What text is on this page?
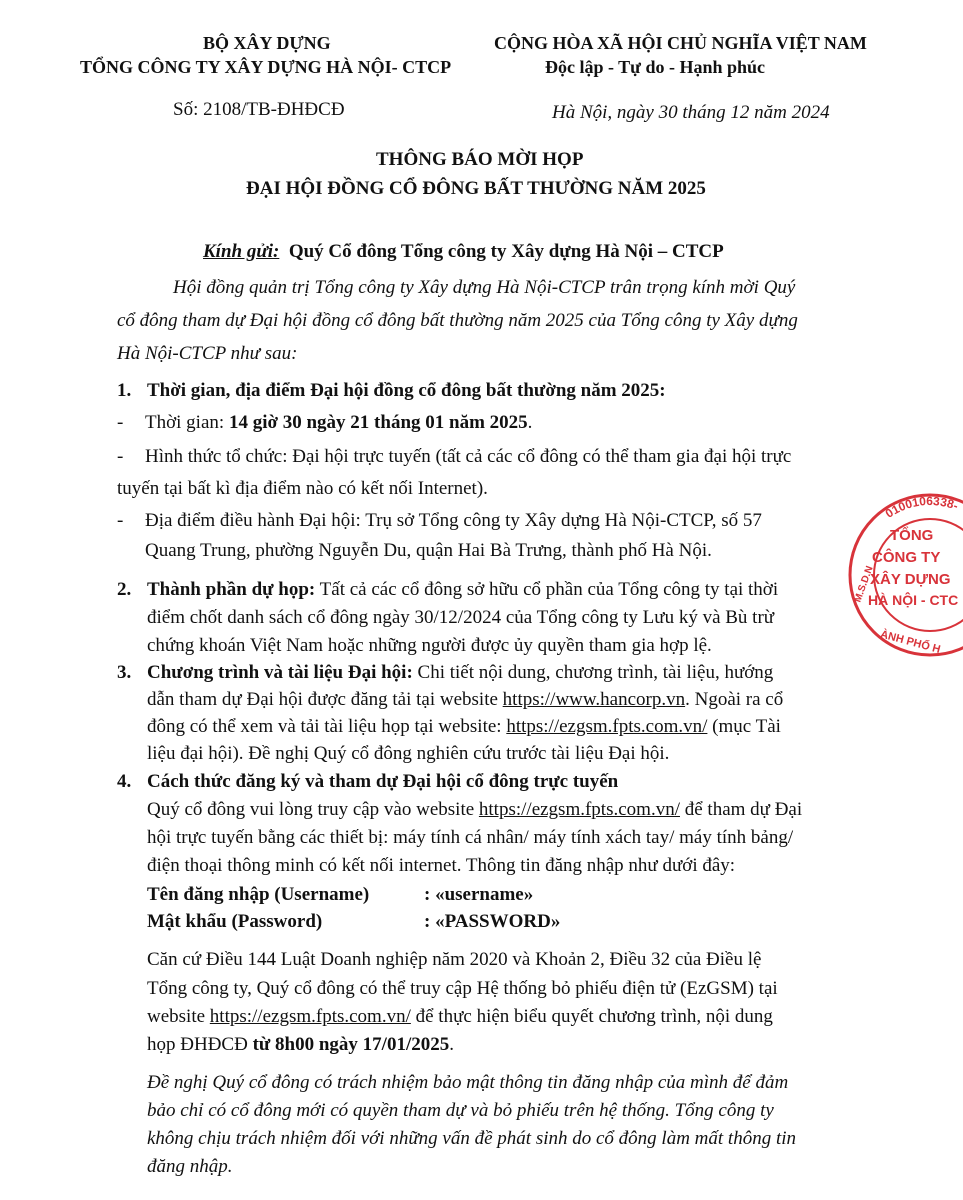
BỘ XÂY DỰNG
TỔNG CÔNG TY XÂY DỰNG HÀ NỘI- CTCP
Số: 2108/TB-ĐHĐCĐ
CỘNG HÒA XÃ HỘI CHỦ NGHĨA VIỆT NAM
Độc lập - Tự do - Hạnh phúc
Hà Nội, ngày 30 tháng 12 năm 2024
THÔNG BÁO MỜI HỌP
ĐẠI HỘI ĐỒNG CỔ ĐÔNG BẤT THƯỜNG NĂM 2025
Kính gửi: Quý Cổ đông Tổng công ty Xây dựng Hà Nội – CTCP
Hội đồng quản trị Tổng công ty Xây dựng Hà Nội-CTCP trân trọng kính mời Quý
cổ đông tham dự Đại hội đồng cổ đông bất thường năm 2025 của Tổng công ty Xây dựng
Hà Nội-CTCP như sau:
1. Thời gian, địa điểm Đại hội đồng cổ đông bất thường năm 2025:
- Thời gian: 14 giờ 30 ngày 21 tháng 01 năm 2025.
- Hình thức tổ chức: Đại hội trực tuyến (tất cả các cổ đông có thể tham gia đại hội trực
tuyến tại bất kì địa điểm nào có kết nối Internet).
- Địa điểm điều hành Đại hội: Trụ sở Tổng công ty Xây dựng Hà Nội-CTCP, số 57
Quang Trung, phường Nguyễn Du, quận Hai Bà Trưng, thành phố Hà Nội.
2. Thành phần dự họp: Tất cả các cổ đông sở hữu cổ phần của Tổng công ty tại thời
điểm chốt danh sách cổ đông ngày 30/12/2024 của Tổng công ty Lưu ký và Bù trừ
chứng khoán Việt Nam hoặc những người được ủy quyền tham gia hợp lệ.
3. Chương trình và tài liệu Đại hội: Chi tiết nội dung, chương trình, tài liệu, hướng
dẫn tham dự Đại hội được đăng tải tại website https://www.hancorp.vn. Ngoài ra cổ
đông có thể xem và tải tài liệu họp tại website: https://ezgsm.fpts.com.vn/ (mục Tài
liệu đại hội). Đề nghị Quý cổ đông nghiên cứu trước tài liệu Đại hội.
4. Cách thức đăng ký và tham dự Đại hội cổ đông trực tuyến
Quý cổ đông vui lòng truy cập vào website https://ezgsm.fpts.com.vn/ để tham dự Đại
hội trực tuyến bằng các thiết bị: máy tính cá nhân/ máy tính xách tay/ máy tính bảng/
điện thoại thông minh có kết nối internet. Thông tin đăng nhập như dưới đây:
Tên đăng nhập (Username)	: «username»
Mật khẩu (Password)	: «PASSWORD»
Căn cứ Điều 144 Luật Doanh nghiệp năm 2020 và Khoản 2, Điều 32 của Điều lệ
Tổng công ty, Quý cổ đông có thể truy cập Hệ thống bỏ phiếu điện tử (EzGSM) tại
website https://ezgsm.fpts.com.vn/ để thực hiện biểu quyết chương trình, nội dung
họp ĐHĐCĐ từ 8h00 ngày 17/01/2025.
Đề nghị Quý cổ đông có trách nhiệm bảo mật thông tin đăng nhập của mình để đảm
bảo chỉ có cổ đông mới có quyền tham dự và bỏ phiếu trên hệ thống. Tổng công ty
không chịu trách nhiệm đối với những vấn đề phát sinh do cổ đông làm mất thông tin
đăng nhập.
0100106338-
M.S.D.N
ÀNH PHỐ H
TỔNG
CÔNG TY
XÂY DỰNG
HÀ NỘI - CTC
